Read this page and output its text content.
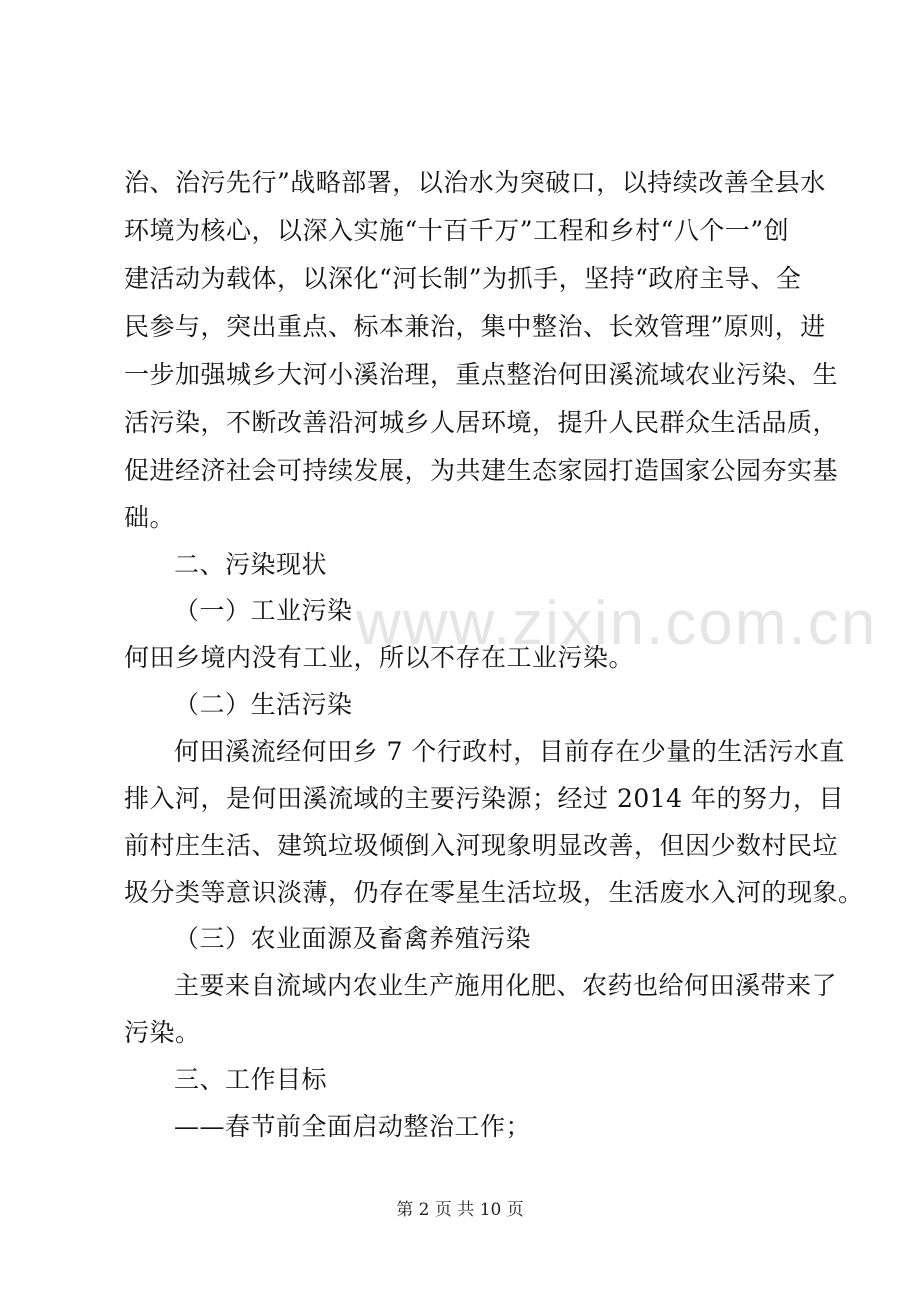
www.zixin.com.cn
治、治污先行”战略部署，以治水为突破口，以持续改善全县水
环境为核心，以深入实施“十百千万”工程和乡村“八个一”创
建活动为载体，以深化“河长制”为抓手，坚持“政府主导、全
民参与，突出重点、标本兼治，集中整治、长效管理”原则，进
一步加强城乡大河小溪治理，重点整治何田溪流域农业污染、生
活污染，不断改善沿河城乡人居环境，提升人民群众生活品质，
促进经济社会可持续发展，为共建生态家园打造国家公园夯实基
础。
二、污染现状
（一）工业污染
何田乡境内没有工业，所以不存在工业污染。
（二）生活污染
何田溪流经何田乡 7 个行政村，目前存在少量的生活污水直
排入河，是何田溪流域的主要污染源；经过 2014 年的努力，目
前村庄生活、建筑垃圾倾倒入河现象明显改善，但因少数村民垃
圾分类等意识淡薄，仍存在零星生活垃圾，生活废水入河的现象。
（三）农业面源及畜禽养殖污染
主要来自流域内农业生产施用化肥、农药也给何田溪带来了
污染。
三、工作目标
——春节前全面启动整治工作；
第 2 页 共 10 页
